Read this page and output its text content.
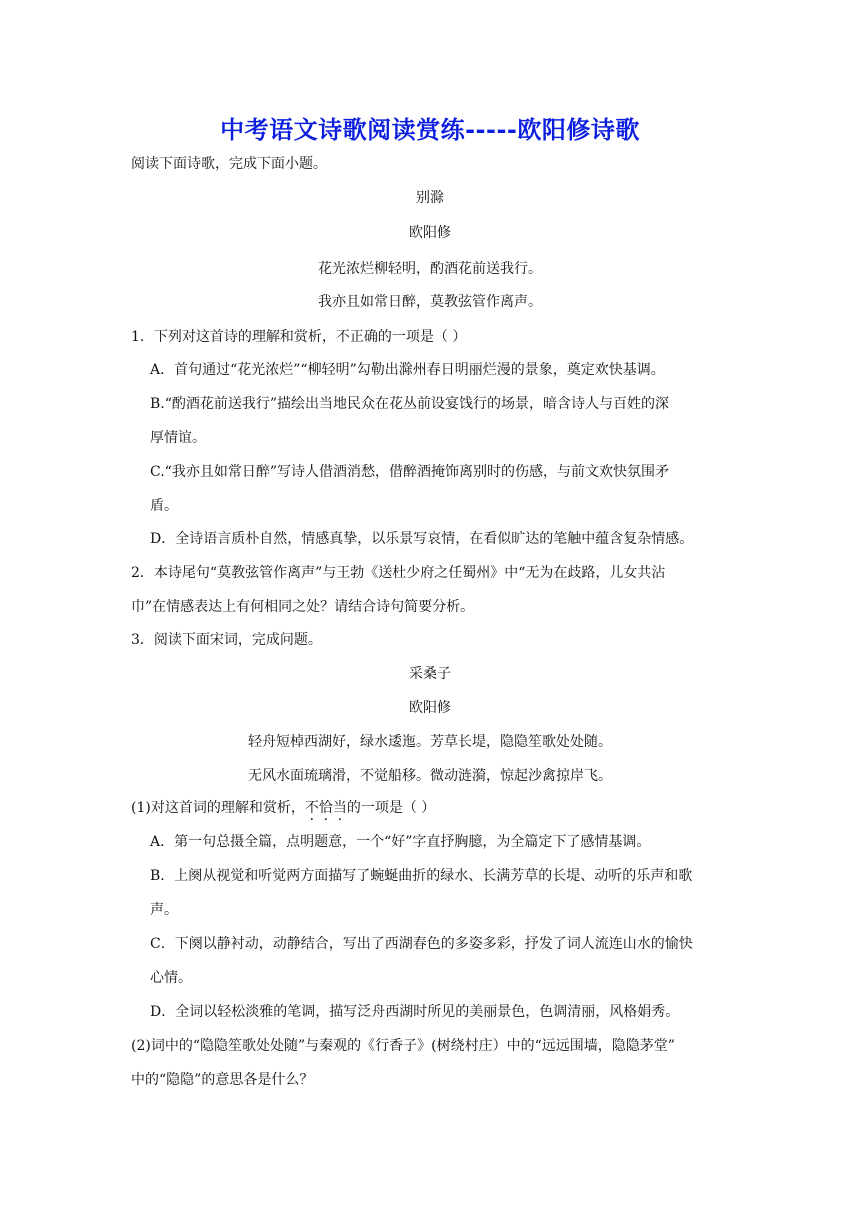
中考语文诗歌阅读赏练-----欧阳修诗歌
阅读下面诗歌，完成下面小题。
别滁
欧阳修
花光浓烂柳轻明，酌酒花前送我行。
我亦且如常日醉，莫教弦管作离声。
1．下列对这首诗的理解和赏析，不正确的一项是（ ）
A．首句通过“花光浓烂”“柳轻明”勾勒出滁州春日明丽烂漫的景象，奠定欢快基调。
B.“酌酒花前送我行”描绘出当地民众在花丛前设宴饯行的场景，暗含诗人与百姓的深
厚情谊。
C.“我亦且如常日醉”写诗人借酒消愁，借醉酒掩饰离别时的伤感，与前文欢快氛围矛
盾。
D．全诗语言质朴自然，情感真挚，以乐景写哀情，在看似旷达的笔触中蕴含复杂情感。
2．本诗尾句“莫教弦管作离声”与王勃《送杜少府之任蜀州》中“无为在歧路，儿女共沾
巾”在情感表达上有何相同之处？请结合诗句简要分析。
3．阅读下面宋词，完成问题。
采桑子
欧阳修
轻舟短棹西湖好，绿水逶迤。芳草长堤，隐隐笙歌处处随。
无风水面琉璃滑，不觉船移。微动涟漪，惊起沙禽掠岸飞。
(1)对这首词的理解和赏析，不恰当的一项是（ ）
A．第一句总摄全篇，点明题意，一个“好”字直抒胸臆，为全篇定下了感情基调。
B．上阕从视觉和听觉两方面描写了蜿蜒曲折的绿水、长满芳草的长堤、动听的乐声和歌
声。
C．下阕以静衬动，动静结合，写出了西湖春色的多姿多彩，抒发了词人流连山水的愉快
心情。
D．全词以轻松淡雅的笔调，描写泛舟西湖时所见的美丽景色，色调清丽，风格娟秀。
(2)词中的“隐隐笙歌处处随”与秦观的《行香子》(树绕村庄）中的“远远围墙，隐隐茅堂”
中的“隐隐”的意思各是什么？
